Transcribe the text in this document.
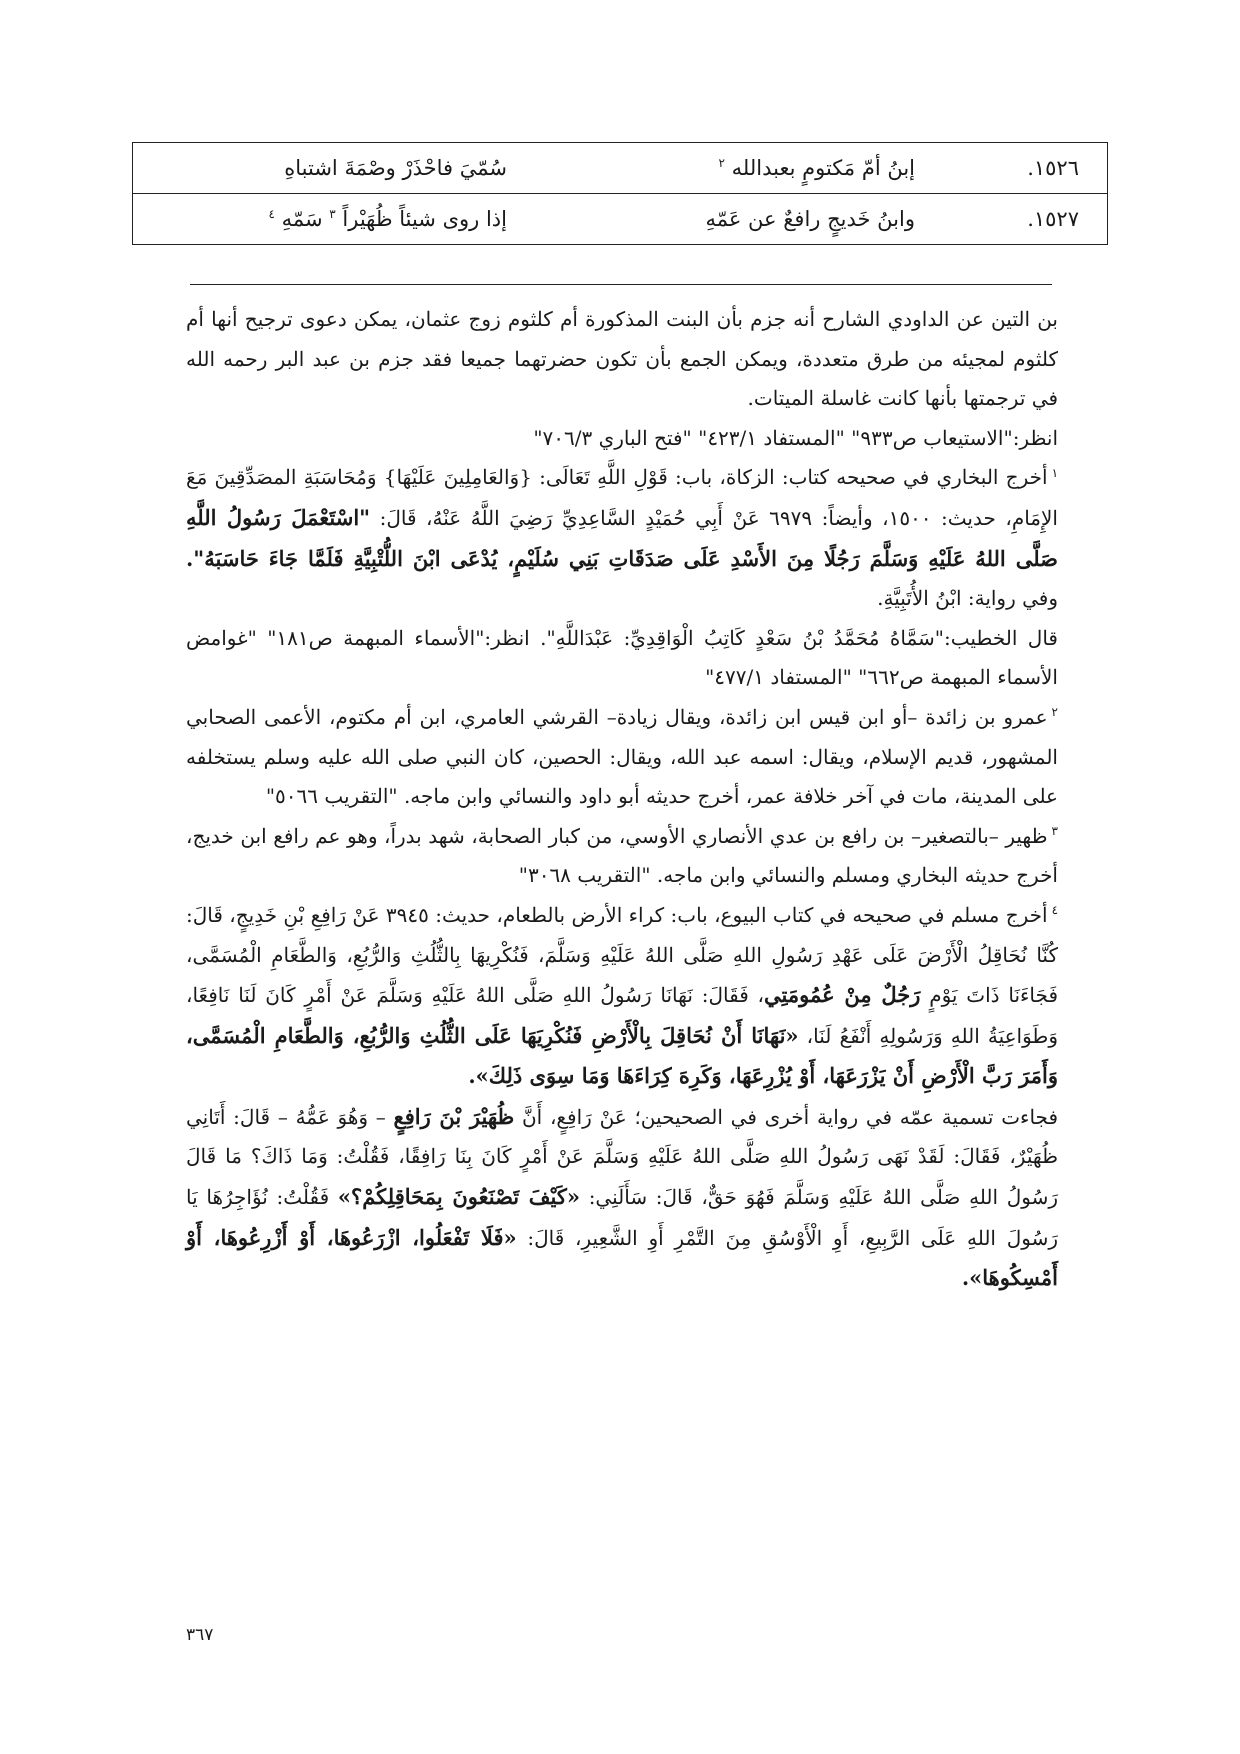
١٥٢٦.	إبنُ أمّ مَكتومٍ بعبدالله $^٢$	سُمّيَ فاحْذَرْ وصْمَةَ اشتباهِ
١٥٢٧.	وابنُ خَديجٍ رافعٌ عن عَمّهِ	إذا روى شيئاً ظُهَيْراً $^٣$ سَمّهِ $^٤$

بن التين عن الداودي الشارح أنه جزم بأن البنت المذكورة أم كلثوم زوج عثمان، يمكن دعوى ترجيح أنها أم كلثوم لمجيئه من طرق متعددة، ويمكن الجمع بأن تكون حضرتهما جميعا فقد جزم بن عبد البر رحمه الله في ترجمتها بأنها كانت غاسلة الميتات.

انظر:"الاستيعاب ص٩٣٣" "المستفاد ٤٢٣/١" "فتح الباري ٧٠٦/٣"

$^١$أخرج البخاري في صحيحه كتاب: الزكاة، باب: قَوْلِ اللَّهِ تَعَالَى: {وَالعَامِلِينَ عَلَيْهَا} وَمُحَاسَبَةِ المصَدِّقِينَ مَعَ الإِمَامِ، حديث: ١٥٠٠، وأيضاً: ٦٩٧٩ عَنْ أَبِي حُمَيْدٍ السَّاعِدِيِّ رَضِيَ اللَّهُ عَنْهُ، قَالَ: "اسْتَعْمَلَ رَسُولُ اللَّهِ صَلَّى اللهُ عَلَيْهِ وَسَلَّمَ رَجُلًا مِنَ الأَسْدِ عَلَى صَدَقَاتِ بَنِي سُلَيْمٍ، يُدْعَى ابْنَ اللُّتْبِيَّةِ فَلَمَّا جَاءَ حَاسَبَهُ". وفي رواية: ابْنُ الأُتَبِيَّةِ.

قال الخطيب:"سَمَّاهُ مُحَمَّدُ بْنُ سَعْدٍ كَاتِبُ الْوَاقِدِيِّ: عَبْدَاللَّهِ". انظر:"الأسماء المبهمة ص١٨١" "غوامض الأسماء المبهمة ص٦٦٢" "المستفاد ٤٧٧/١"

$^٢$عمرو بن زائدة –أو ابن قيس ابن زائدة، ويقال زيادة– القرشي العامري، ابن أم مكتوم، الأعمى الصحابي المشهور، قديم الإسلام، ويقال: اسمه عبد الله، ويقال: الحصين، كان النبي صلى الله عليه وسلم يستخلفه على المدينة، مات في آخر خلافة عمر، أخرج حديثه أبو داود والنسائي وابن ماجه. "التقريب ٥٠٦٦"

$^٣$ظهير –بالتصغير– بن رافع بن عدي الأنصاري الأوسي، من كبار الصحابة، شهد بدراً، وهو عم رافع ابن خديج، أخرج حديثه البخاري ومسلم والنسائي وابن ماجه. "التقريب ٣٠٦٨"

$^٤$أخرج مسلم في صحيحه في كتاب البيوع، باب: كراء الأرض بالطعام، حديث: ٣٩٤٥ عَنْ رَافِعِ بْنِ خَدِيجٍ، قَالَ: كُنَّا نُحَاقِلُ الْأَرْضَ عَلَى عَهْدِ رَسُولِ اللهِ صَلَّى اللهُ عَلَيْهِ وَسَلَّمَ، فَنُكْرِيهَا بِالثُّلُثِ وَالرُّبُعِ، وَالطَّعَامِ الْمُسَمَّى، فَجَاءَنَا ذَاتَ يَوْمٍ رَجُلٌ مِنْ عُمُومَتِي، فَقَالَ: نَهَانَا رَسُولُ اللهِ صَلَّى اللهُ عَلَيْهِ وَسَلَّمَ عَنْ أَمْرٍ كَانَ لَنَا نَافِعًا، وَطَوَاعِيَةُ اللهِ وَرَسُولِهِ أَنْفَعُ لَنَا، «نَهَانَا أَنْ نُحَاقِلَ بِالْأَرْضِ فَنُكْرِيَهَا عَلَى الثُّلُثِ وَالرُّبُعِ، وَالطَّعَامِ الْمُسَمَّى، وَأَمَرَ رَبَّ الْأَرْضِ أَنْ يَزْرَعَهَا، أَوْ يُزْرِعَهَا، وَكَرِهَ كِرَاءَهَا وَمَا سِوَى ذَلِكَ».

فجاءت تسمية عمّه في رواية أخرى في الصحيحين؛ عَنْ رَافِعٍ، أَنَّ ظُهَيْرَ بْنَ رَافِعٍ – وَهُوَ عَمُّهُ – قَالَ: أَتَانِي ظُهَيْرٌ، فَقَالَ: لَقَدْ نَهَى رَسُولُ اللهِ صَلَّى اللهُ عَلَيْهِ وَسَلَّمَ عَنْ أَمْرٍ كَانَ بِنَا رَافِقًا، فَقُلْتُ: وَمَا ذَاكَ؟ مَا قَالَ رَسُولُ اللهِ صَلَّى اللهُ عَلَيْهِ وَسَلَّمَ فَهُوَ حَقٌّ، قَالَ: سَأَلَنِي: «كَيْفَ تَصْنَعُونَ بِمَحَاقِلِكُمْ؟» فَقُلْتُ: نُؤَاجِرُهَا يَا رَسُولَ اللهِ عَلَى الرَّبِيعِ، أَوِ الْأَوْسُقِ مِنَ التَّمْرِ أَوِ الشَّعِيرِ، قَالَ: «فَلَا تَفْعَلُوا، ازْرَعُوهَا، أَوْ أَزْرِعُوهَا، أَوْ أَمْسِكُوهَا».

٣٦٧
